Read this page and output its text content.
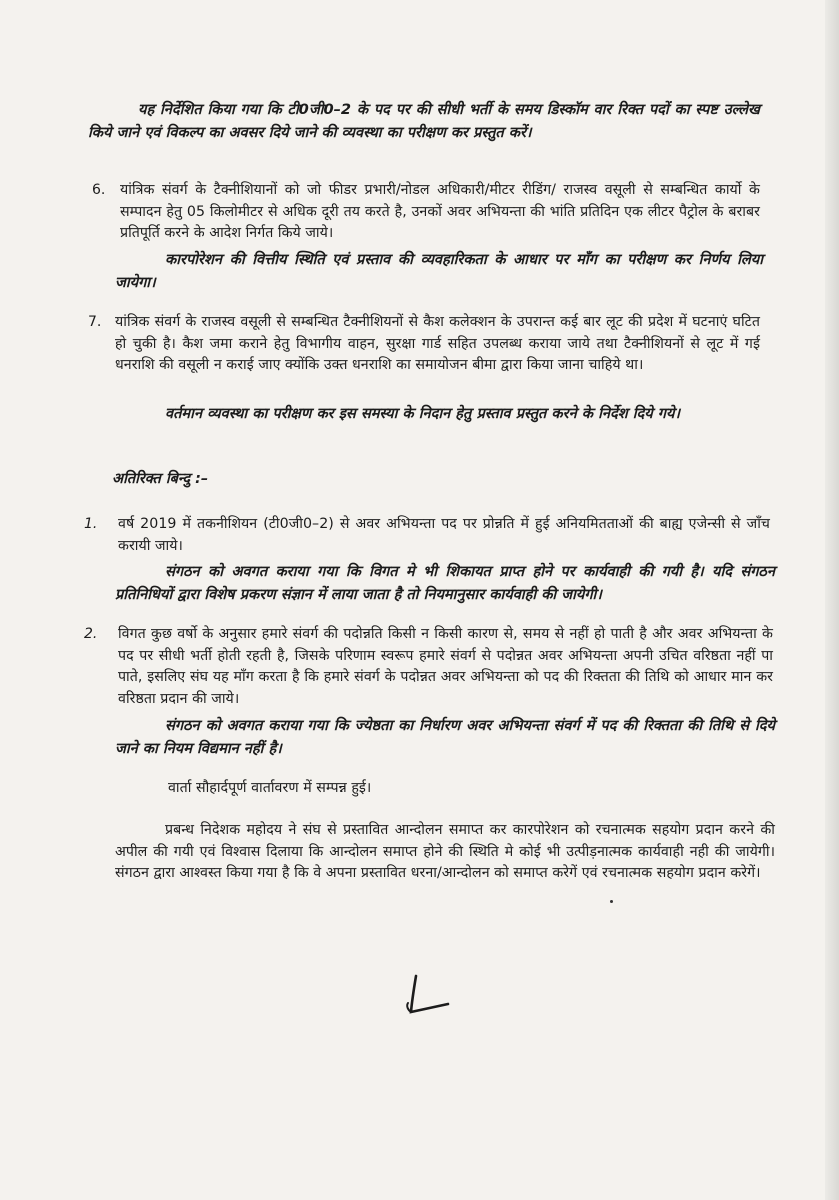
यह निर्देशित किया गया कि टी0जी0–2 के पद पर की सीधी भर्ती के समय डिस्कॉम वार रिक्त पदों का स्पष्ट उल्लेख किये जाने एवं विकल्प का अवसर दिये जाने की व्यवस्था का परीक्षण कर प्रस्तुत करें।

6. यांत्रिक संवर्ग के टैक्नीशियानों को जो फीडर प्रभारी/नोडल अधिकारी/मीटर रीडिंग/ राजस्व वसूली से सम्बन्धित कार्यो के सम्पादन हेतु 05 किलोमीटर से अधिक दूरी तय करते है, उनकों अवर अभियन्ता की भांति प्रतिदिन एक लीटर पैट्रोल के बराबर प्रतिपूर्ति करने के आदेश निर्गत किये जाये।

कारपोरेशन की वित्तीय स्थिति एवं प्रस्ताव की व्यवहारिकता के आधार पर माँग का परीक्षण कर निर्णय लिया जायेगा।

7. यांत्रिक संवर्ग के राजस्व वसूली से सम्बन्धित टैक्नीशियनों से कैश कलेक्शन के उपरान्त कई बार लूट की प्रदेश में घटनाएं घटित हो चुकी है। कैश जमा कराने हेतु विभागीय वाहन, सुरक्षा गार्ड सहित उपलब्ध कराया जाये तथा टैक्नीशियनों से लूट में गई धनराशि की वसूली न कराई जाए क्योंकि उक्त धनराशि का समायोजन बीमा द्वारा किया जाना चाहिये था।

वर्तमान व्यवस्था का परीक्षण कर इस समस्या के निदान हेतु प्रस्ताव प्रस्तुत करने के निर्देश दिये गये।

अतिरिक्त बिन्दु :–

1. वर्ष 2019 में तकनीशियन (टी0जी0–2) से अवर अभियन्ता पद पर प्रोन्नति में हुई अनियमितताओं की बाह्य एजेन्सी से जाँच करायी जाये।

संगठन को अवगत कराया गया कि विगत मे भी शिकायत प्राप्त होने पर कार्यवाही की गयी है। यदि संगठन प्रतिनिधियों द्वारा विशेष प्रकरण संज्ञान में लाया जाता है तो नियमानुसार कार्यवाही की जायेगी।

2. विगत कुछ वर्षो के अनुसार हमारे संवर्ग की पदोन्नति किसी न किसी कारण से, समय से नहीं हो पाती है और अवर अभियन्ता के पद पर सीधी भर्ती होती रहती है, जिसके परिणाम स्वरूप हमारे संवर्ग से पदोन्नत अवर अभियन्ता अपनी उचित वरिष्ठता नहीं पा पाते, इसलिए संघ यह माँग करता है कि हमारे संवर्ग के पदोन्नत अवर अभियन्ता को पद की रिक्तता की तिथि को आधार मान कर वरिष्ठता प्रदान की जाये।

संगठन को अवगत कराया गया कि ज्येष्ठता का निर्धारण अवर अभियन्ता संवर्ग में पद की रिक्तता की तिथि से दिये जाने का नियम विद्यमान नहीं है।

वार्ता सौहार्दपूर्ण वार्तावरण में सम्पन्न हुई।

प्रबन्ध निदेशक महोदय ने संघ से प्रस्तावित आन्दोलन समाप्त कर कारपोरेशन को रचनात्मक सहयोग प्रदान करने की अपील की गयी एवं विश्वास दिलाया कि आन्दोलन समाप्त होने की स्थिति मे कोई भी उत्पीड़नात्मक कार्यवाही नही की जायेगी। संगठन द्वारा आश्वस्त किया गया है कि वे अपना प्रस्तावित धरना/आन्दोलन को समाप्त करेगें एवं रचनात्मक सहयोग प्रदान करेगें।
